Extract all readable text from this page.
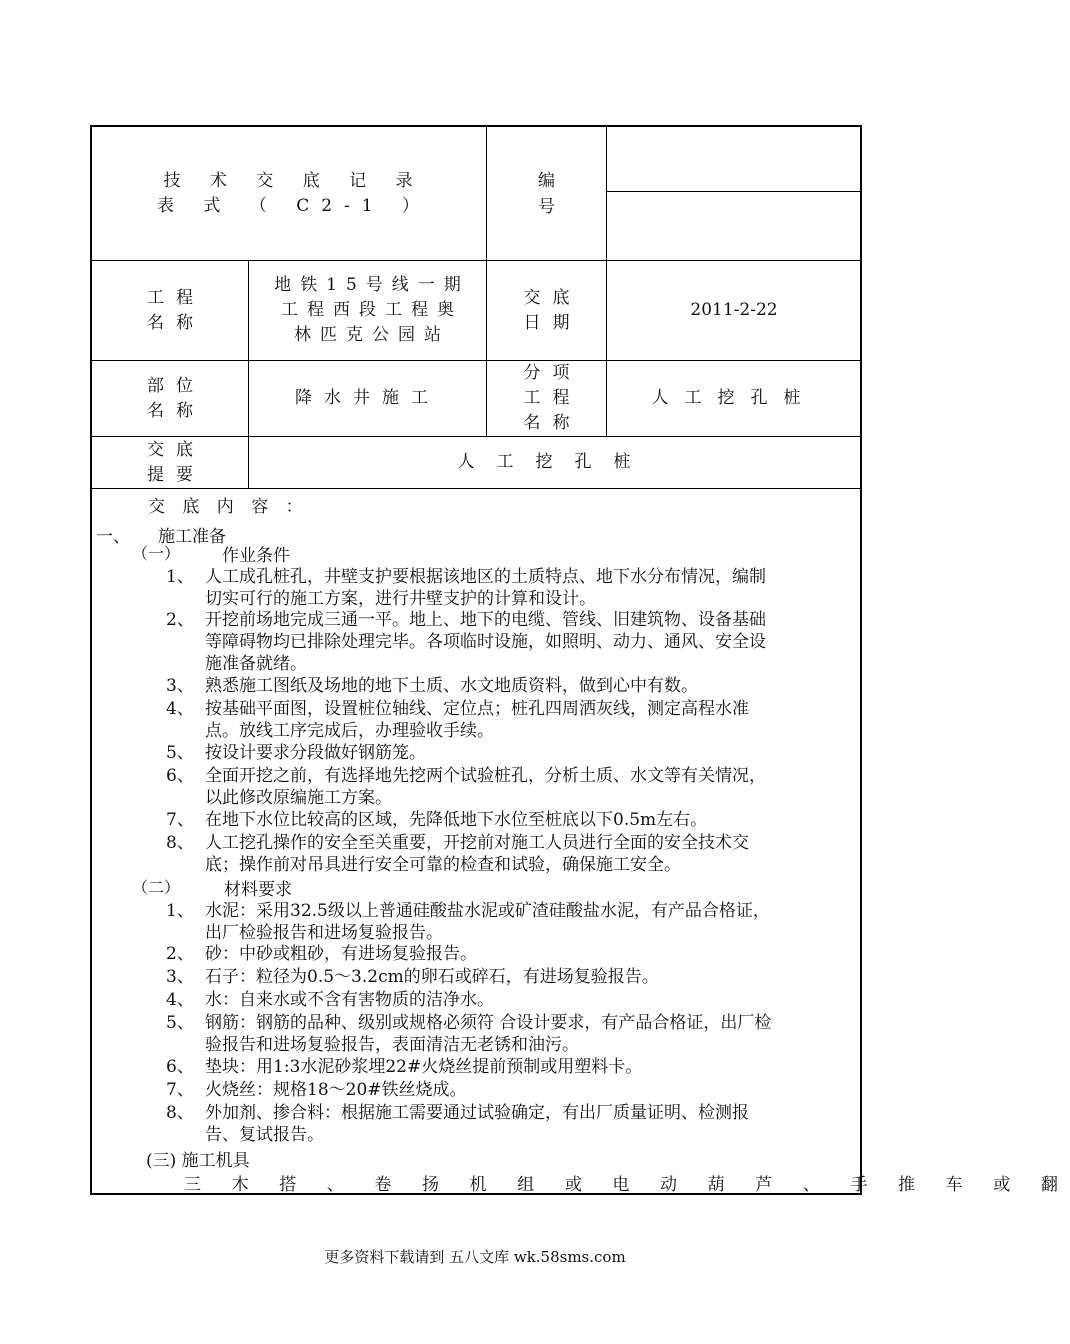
技 术 交 底 记 录
表 式 （ C2-1 ）
编号
工程名称
地铁15号线一期工程西段工程奥林匹克公园站
交底日期
2011-2-22
部位名称
降水井施工
分项工程名称
人工挖孔桩
交底提要
人工挖孔桩
交 底 内 容 ：
一、 施工准备
（一） 作业条件
1、 人工成孔桩孔，井壁支护要根据该地区的土质特点、地下水分布情况，编制
切实可行的施工方案，进行井壁支护的计算和设计。
2、 开挖前场地完成三通一平。地上、地下的电缆、管线、旧建筑物、设备基础
等障碍物均已排除处理完毕。各项临时设施，如照明、动力、通风、安全设
施准备就绪。
3、 熟悉施工图纸及场地的地下土质、水文地质资料，做到心中有数。
4、 按基础平面图，设置桩位轴线、定位点；桩孔四周洒灰线，测定高程水准
点。放线工序完成后，办理验收手续。
5、 按设计要求分段做好钢筋笼。
6、 全面开挖之前，有选择地先挖两个试验桩孔，分析土质、水文等有关情况，
以此修改原编施工方案。
7、 在地下水位比较高的区域，先降低地下水位至桩底以下0.5m左右。
8、 人工挖孔操作的安全至关重要，开挖前对施工人员进行全面的安全技术交
底；操作前对吊具进行安全可靠的检查和试验，确保施工安全。
（二）	材料要求
1、 水泥：采用32.5级以上普通硅酸盐水泥或矿渣硅酸盐水泥，有产品合格证，
出厂检验报告和进场复验报告。
2、 砂：中砂或粗砂，有进场复验报告。
3、 石子：粒径为0.5～3.2cm的卵石或碎石，有进场复验报告。
4、 水：自来水或不含有害物质的洁净水。
5、 钢筋：钢筋的品种、级别或规格必须符 合设计要求，有产品合格证，出厂检
验报告和进场复验报告，表面清洁无老锈和油污。
6、 垫块：用1:3水泥砂浆埋22#火烧丝提前预制或用塑料卡。
7、 火烧丝：规格18～20#铁丝烧成。
8、 外加剂、掺合料：根据施工需要通过试验确定，有出厂质量证明、检测报
告、复试报告。
(三) 施工机具
三 木 搭 、 卷 扬 机 组 或 电 动 葫 芦 、 手 推 车 或 翻
更多资料下载请到 五八文库 wk.58sms.com
